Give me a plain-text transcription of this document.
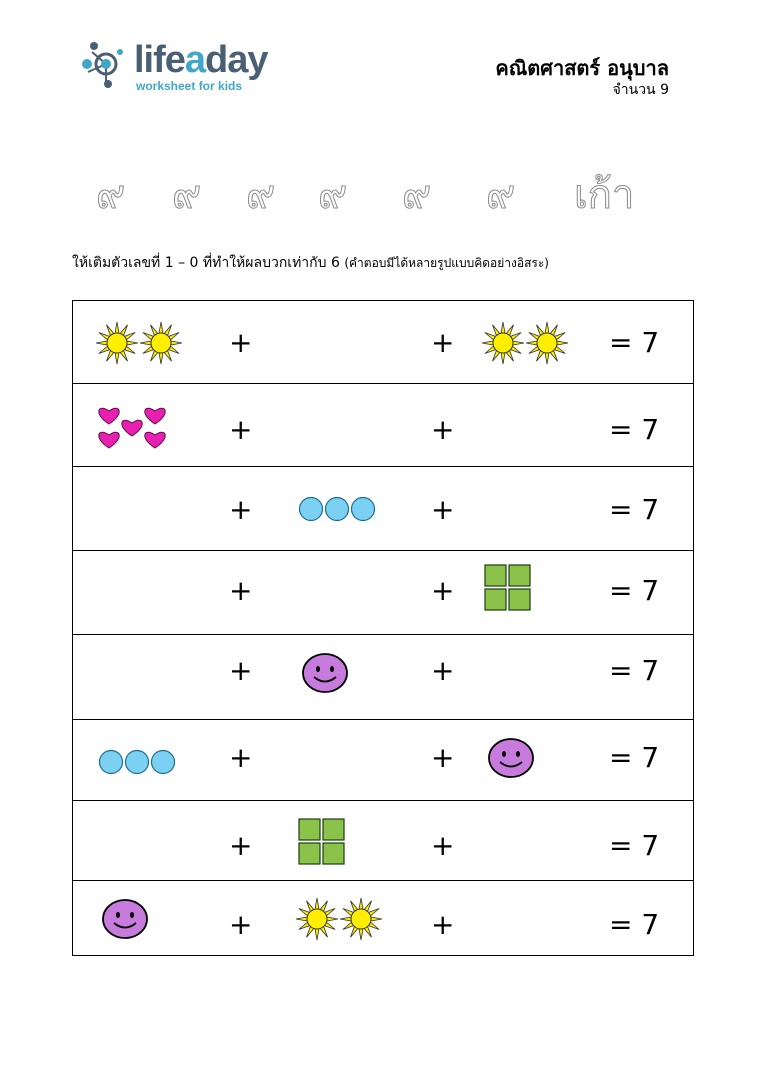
lifeaday
worksheet for kids
คณิตศาสตร์ อนุบาล
จำนวน 9
๙ ๙ ๙ ๙ ๙ ๙ เก้า
ให้เติมตัวเลขที่ 1 – 0 ที่ทำให้ผลบวกเท่ากับ 6 (คำตอบมีได้หลายรูปแบบคิดอย่างอิสระ)
+	+	= 7
+	+	= 7
+	+	= 7
+	+	= 7
+	+	= 7
+	+	= 7
+	+	= 7
+	+	= 7
